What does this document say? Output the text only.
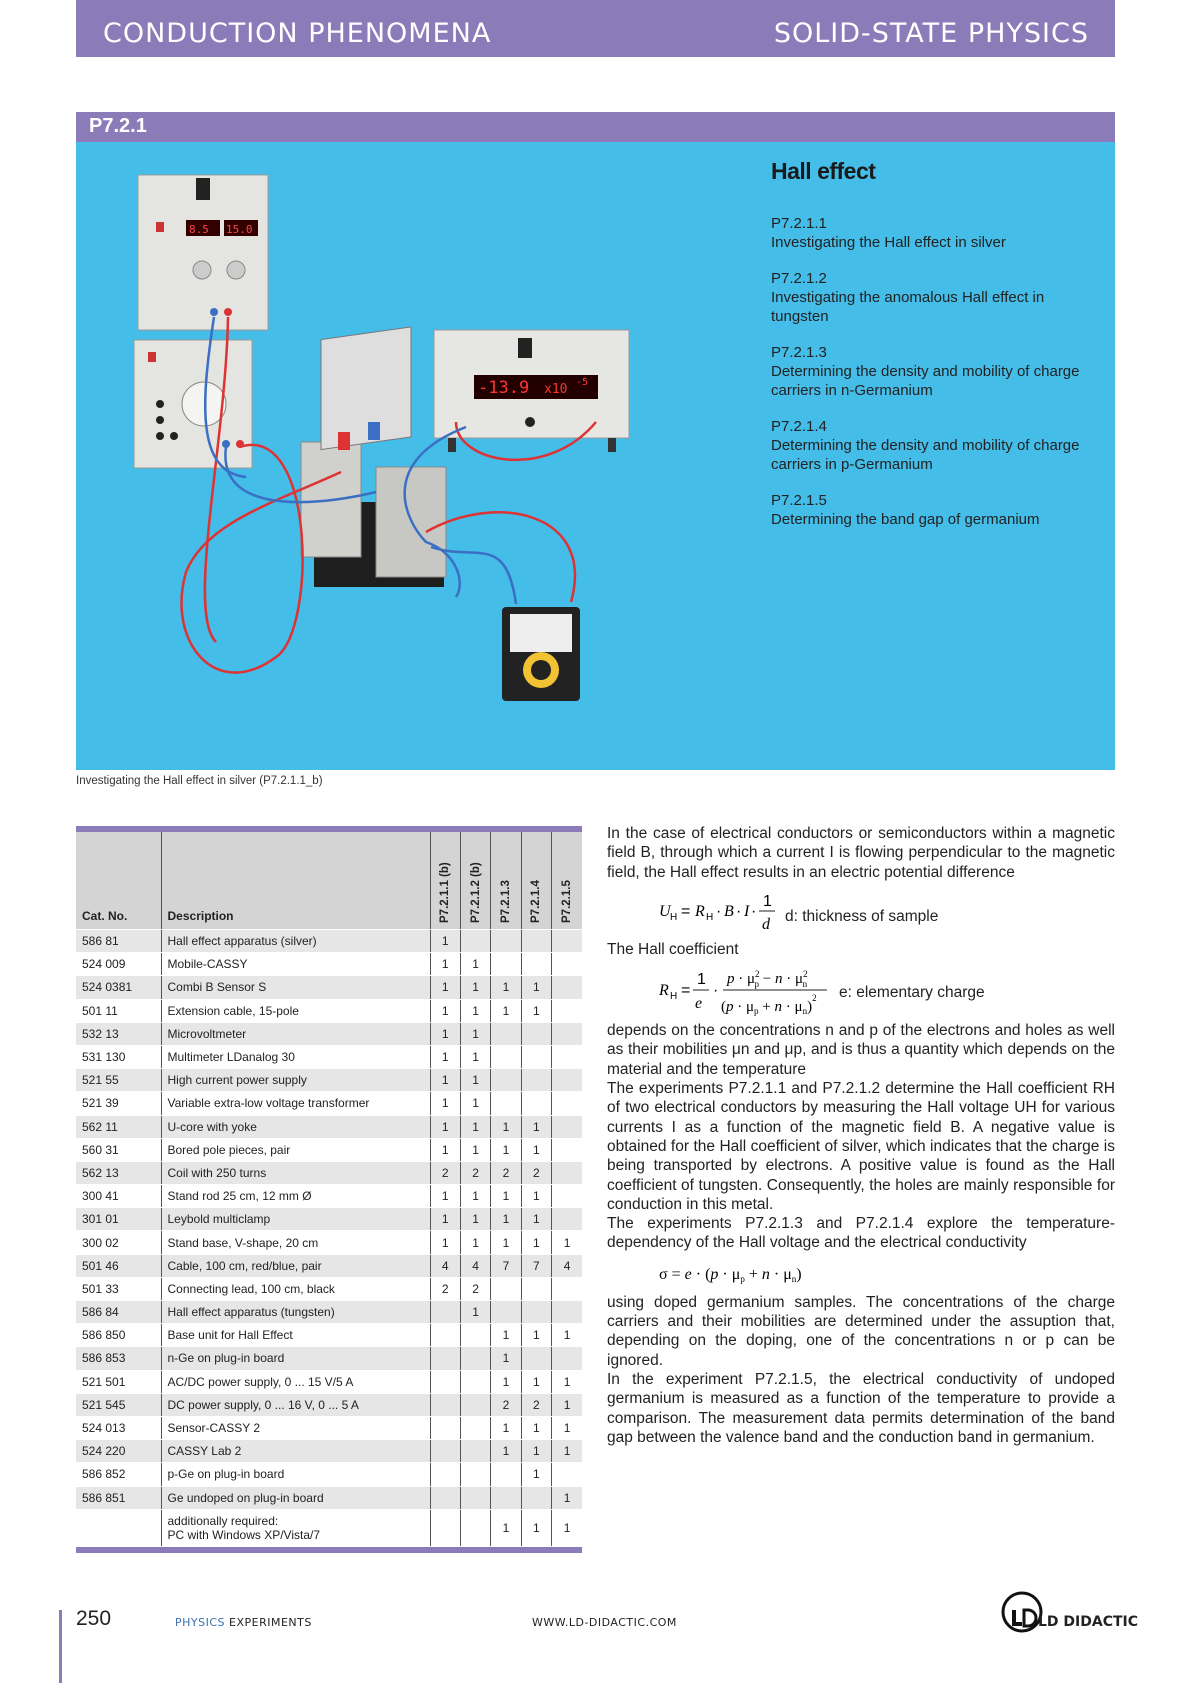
CONDUCTION PHENOMENA	SOLID-STATE PHYSICS
P7.2.1
8.5 15.0
-13.9 x10 -5
Hall effect
P7.2.1.1
Investigating the Hall effect in silver
P7.2.1.2
Investigating the anomalous Hall effect in tungsten
P7.2.1.3
Determining the density and mobility of charge carriers in n-Germanium
P7.2.1.4
Determining the density and mobility of charge carriers in p-Germanium
P7.2.1.5
Determining the band gap of germanium
Investigating the Hall effect in silver (P7.2.1.1_b)
Cat. No.	Description	P7.2.1.1 (b)	P7.2.1.2 (b)	P7.2.1.3	P7.2.1.4	P7.2.1.5

586 81	Hall effect apparatus (silver)	1				
524 009	Mobile-CASSY	1	1			
524 0381	Combi B Sensor S	1	1	1	1	
501 11	Extension cable, 15-pole	1	1	1	1	
532 13	Microvoltmeter	1	1			
531 130	Multimeter LDanalog 30	1	1			
521 55	High current power supply	1	1			
521 39	Variable extra-low voltage transformer	1	1			
562 11	U-core with yoke	1	1	1	1	
560 31	Bored pole pieces, pair	1	1	1	1	
562 13	Coil with 250 turns	2	2	2	2	
300 41	Stand rod 25 cm, 12 mm Ø	1	1	1	1	
301 01	Leybold multiclamp	1	1	1	1	
300 02	Stand base, V-shape, 20 cm	1	1	1	1	1
501 46	Cable, 100 cm, red/blue, pair	4	4	7	7	4
501 33	Connecting lead, 100 cm, black	2	2			
586 84	Hall effect apparatus (tungsten)		1			
586 850	Base unit for Hall Effect			1	1	1
586 853	n-Ge on plug-in board			1		
521 501	AC/DC power supply, 0 ... 15 V/5 A			1	1	1
521 545	DC power supply, 0 ... 16 V, 0 ... 5 A			2	2	1
524 013	Sensor-CASSY 2			1	1	1
524 220	CASSY Lab 2			1	1	1
586 852	p-Ge on plug-in board				1	
586 851	Ge undoped on plug-in board					1

	additionally required:
PC with Windows XP/Vista/7			1	1	1

In the case of electrical conductors or semiconductors within a magnetic field B, through which a current I is flowing perpendicular to the magnetic field, the Hall effect results in an electric potential difference

U H = R H · B · I ·
1
d d: thickness of sample

The Hall coefficient

R H =
1
e
·
$p \cdot \mu^2$ $p - n \cdot \mu^2$ n
$(p \cdot \mu_p + n \cdot \mu_n)^2$ e: elementary charge

depends on the concentrations n and p of the electrons and holes as well as their mobilities μn and μp, and is thus a quantity which depends on the material and the temperature

The experiments P7.2.1.1 and P7.2.1.2 determine the Hall coefficient RH of two electrical conductors by measuring the Hall voltage UH for various currents I as a function of the magnetic field B. A negative value is obtained for the Hall coefficient of silver, which indicates that the charge is being transported by electrons. A positive value is found as the Hall coefficient of tungsten. Consequently, the holes are mainly responsible for conduction in this metal.

The experiments P7.2.1.3 and P7.2.1.4 explore the temperature-dependency of the Hall voltage and the electrical conductivity

σ = e · (p · μp + n · μn)

using doped germanium samples. The concentrations of the charge carriers and their mobilities are determined under the assuption that, depending on the doping, one of the concentrations n or p can be ignored.

In the experiment P7.2.1.5, the electrical conductivity of undoped germanium is measured as a function of the temperature to provide a comparison. The measurement data permits determination of the band gap between the valence band and the conduction band in germanium.

250	PHYSICS EXPERIMENTS	WWW.LD-DIDACTIC.COM	LD DIDACTIC
